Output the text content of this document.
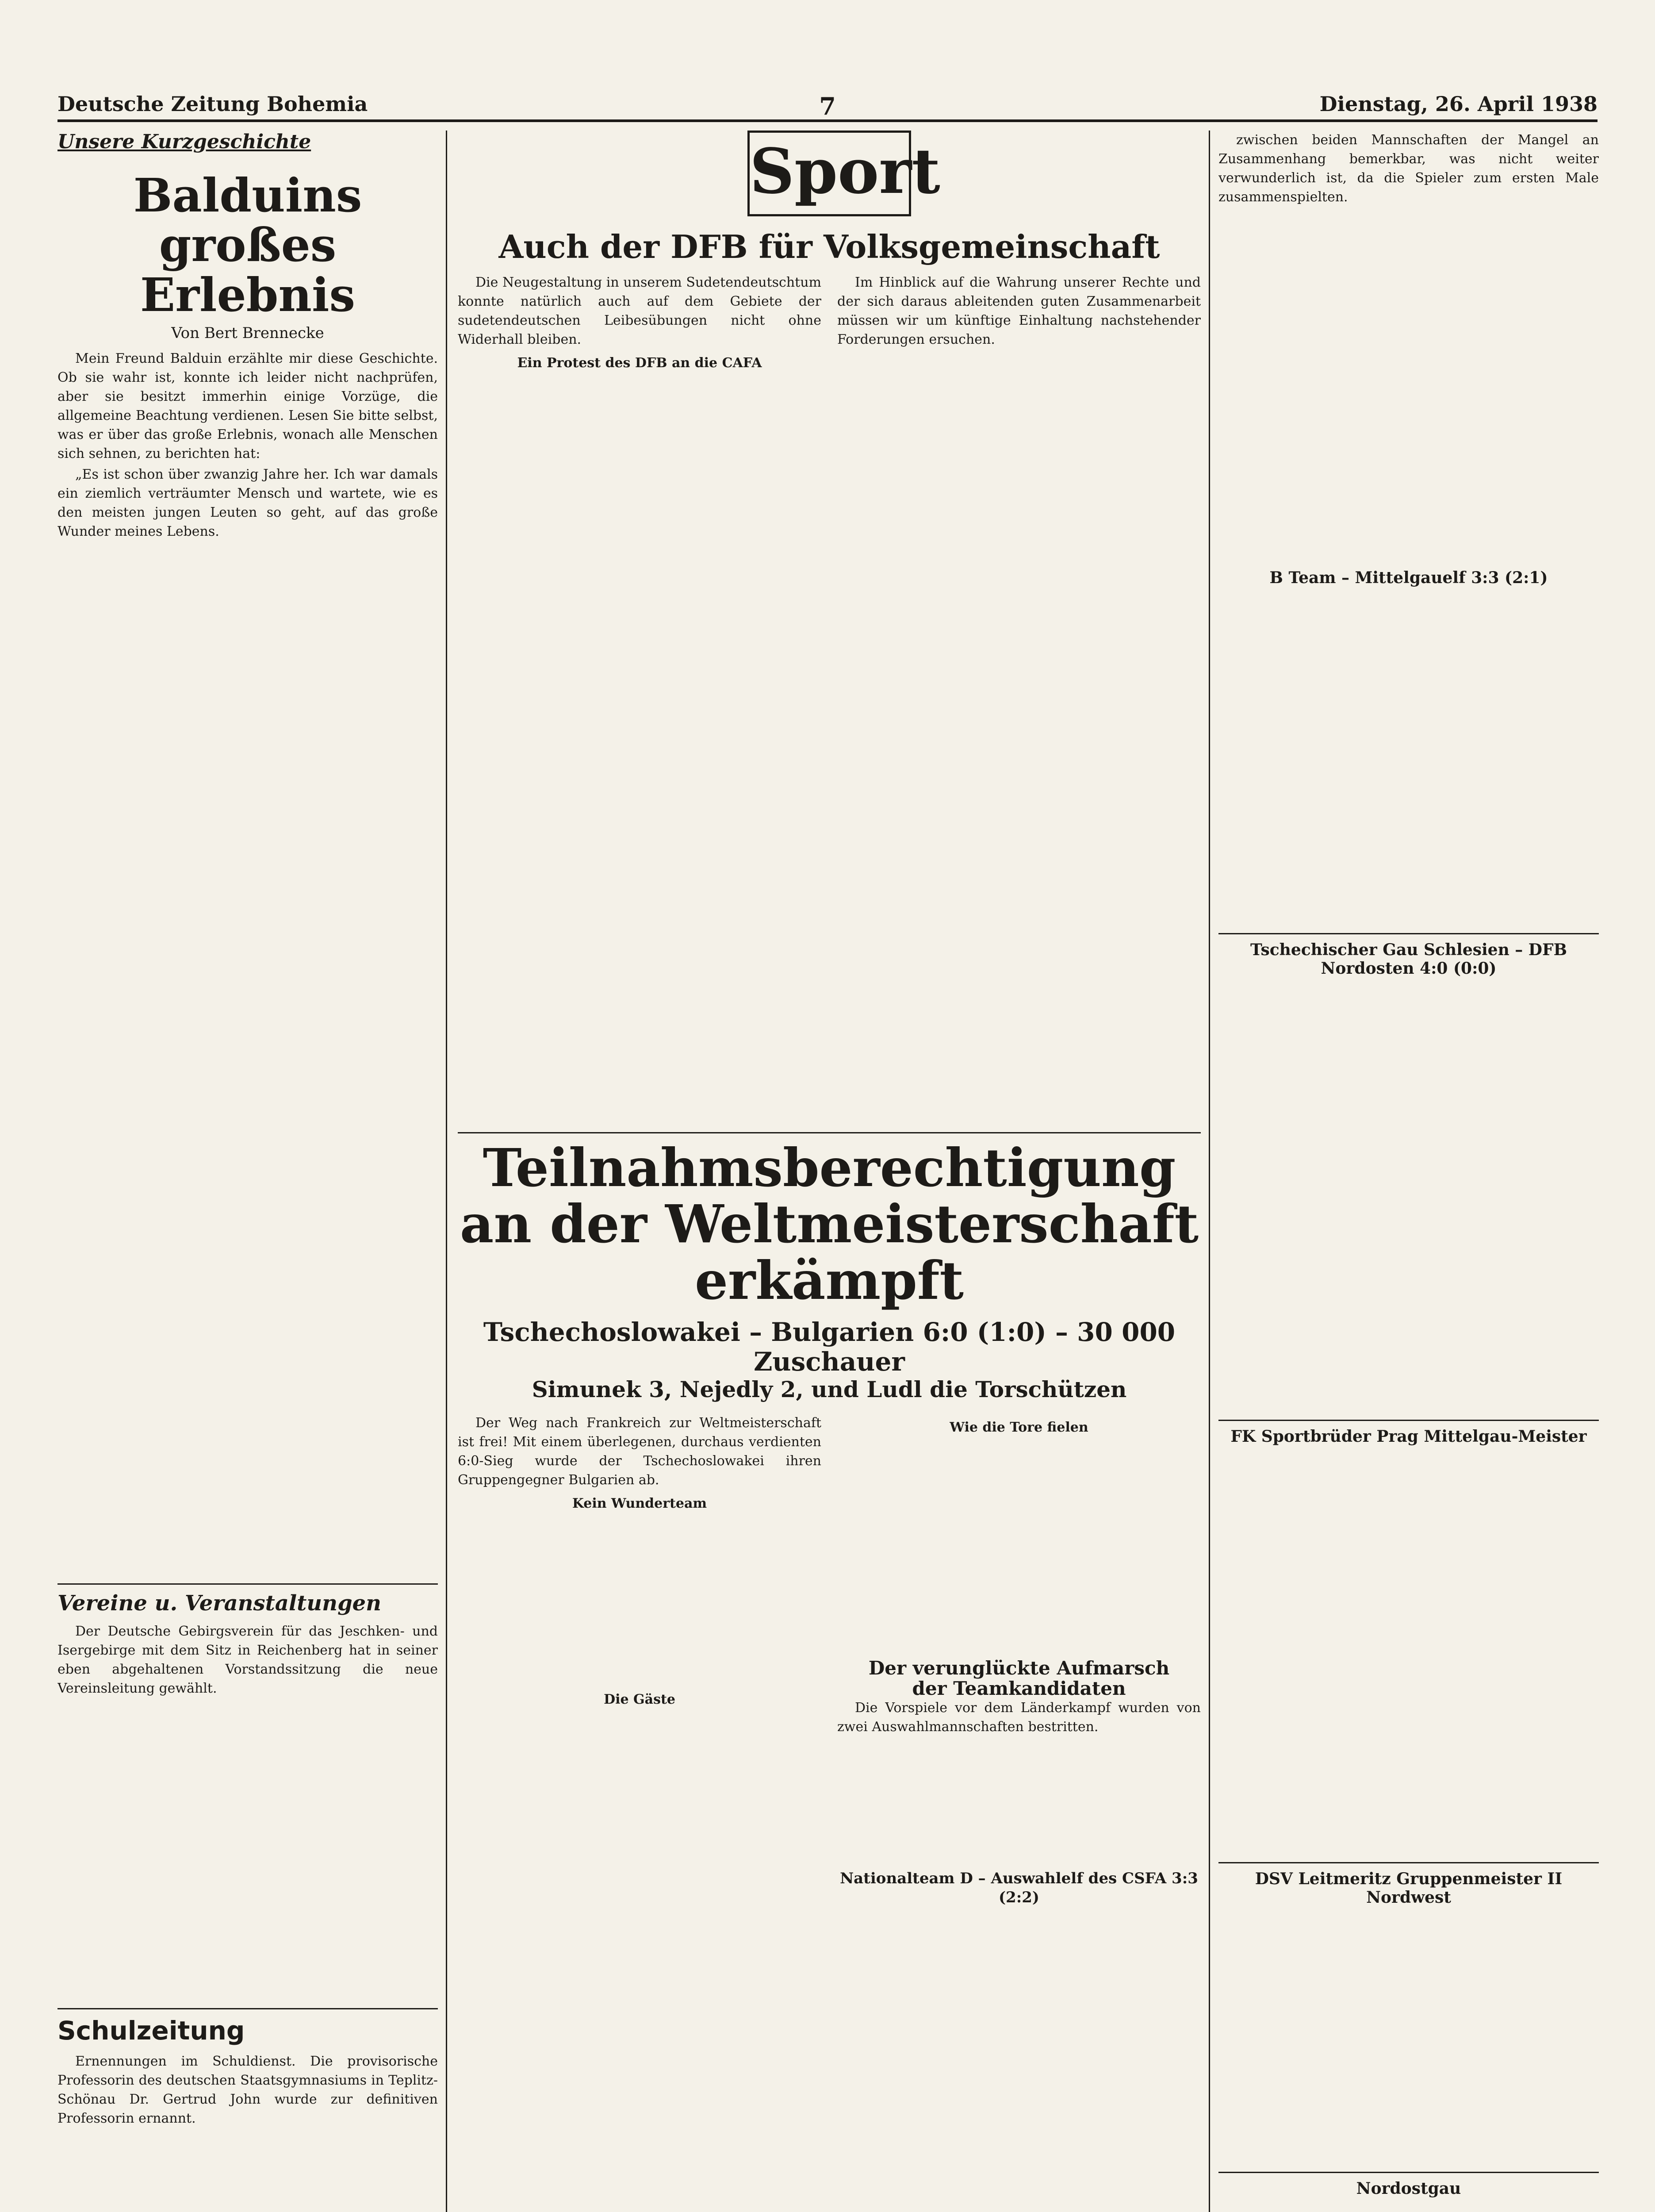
Deutsche Zeitung Bohemia	7	Dienstag, 26. April 1938
Unsere Kurzgeschichte
Balduins
großes Erlebnis
Von Bert Brennecke

Mein Freund Balduin erzählte mir diese Geschichte. Ob sie wahr ist, konnte ich leider nicht nachprüfen, aber sie besitzt immerhin einige Vorzüge, die allgemeine Beachtung verdienen. Lesen Sie bitte selbst, was er über das große Erlebnis, wonach alle Menschen sich sehnen, zu berichten hat:

„Es ist schon über zwanzig Jahre her. Ich war damals ein ziemlich verträumter Mensch und wartete, wie es den meisten jungen Leuten so geht, auf das große Wunder meines Lebens.

Vereine u. Veranstaltungen

Der Deutsche Gebirgsverein für das Jeschken- und Isergebirge mit dem Sitz in Reichenberg hat in seiner eben abgehaltenen Vorstandssitzung die neue Vereinsleitung gewählt.

Schulzeitung

Ernennungen im Schuldienst. Die provisorische Professorin des deutschen Staatsgymnasiums in Teplitz-Schönau Dr. Gertrud John wurde zur definitiven Professorin ernannt.

Sport
Auch der DFB für Volksgemeinschaft

Die Neugestaltung in unserem Sudetendeutschtum konnte natürlich auch auf dem Gebiete der sudetendeutschen Leibesübungen nicht ohne Widerhall bleiben.

Ein Protest des DFB an die CAFA

Im Hinblick auf die Wahrung unserer Rechte und der sich daraus ableitenden guten Zusammenarbeit müssen wir um künftige Einhaltung nachstehender Forderungen ersuchen.

Teilnahmsberechtigung
an der Weltmeisterschaft erkämpft
Tschechoslowakei – Bulgarien 6:0 (1:0) – 30 000 Zuschauer
Simunek 3, Nejedly 2, und Ludl die Torschützen

Der Weg nach Frankreich zur Weltmeisterschaft ist frei! Mit einem überlegenen, durchaus verdienten 6:0-Sieg wurde der Tschechoslowakei ihren Gruppengegner Bulgarien ab.

Kein Wunderteam
Die Gäste
Wie die Tore fielen
Der verunglückte Aufmarsch
der Teamkandidaten

Die Vorspiele vor dem Länderkampf wurden von zwei Auswahlmannschaften bestritten.

Nationalteam D – Auswahlelf des CSFA 3:3 (2:2)

zwischen beiden Mannschaften der Mangel an Zusammenhang bemerkbar, was nicht weiter verwunderlich ist, da die Spieler zum ersten Male zusammenspielten.

B Team – Mittelgauelf 3:3 (2:1)
Tschechischer Gau Schlesien – DFB Nordosten 4:0 (0:0)
FK Sportbrüder Prag Mittelgau-Meister
DSV Leitmeritz Gruppenmeister II Nordwest
Nordostgau
